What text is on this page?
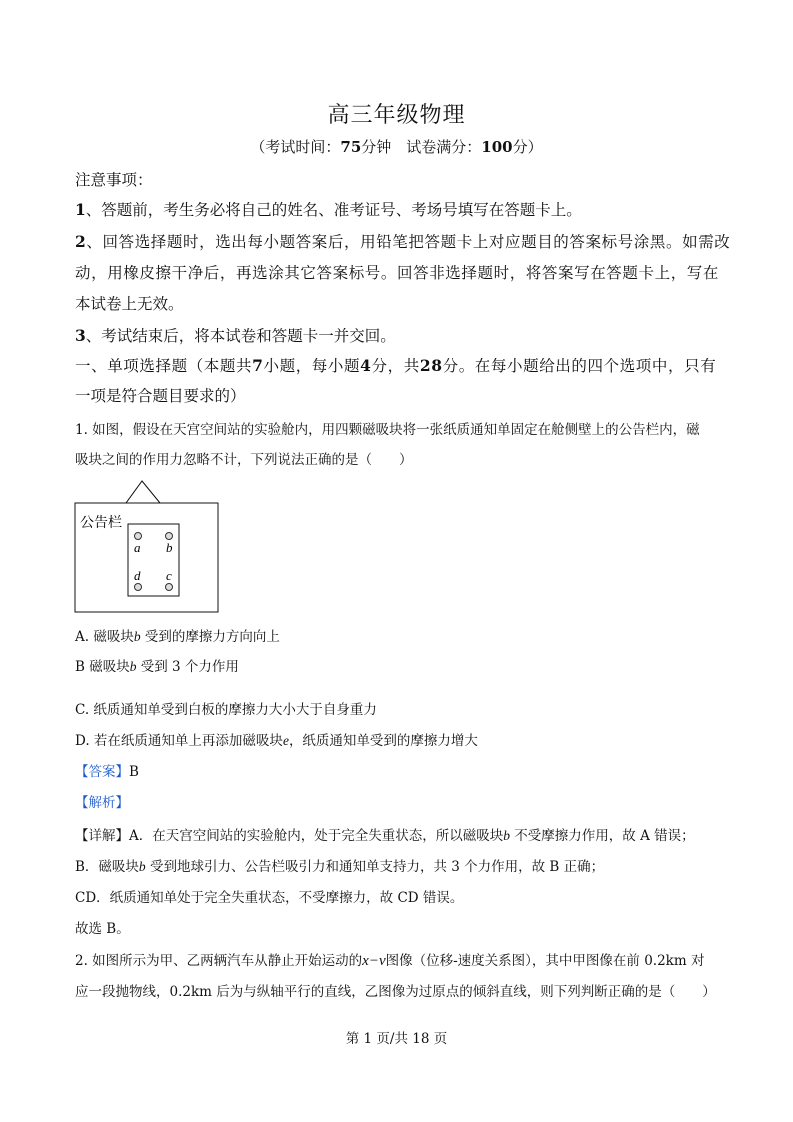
高三年级物理
（考试时间：75分钟　试卷满分：100分）
注意事项：
1、答题前，考生务必将自己的姓名、准考证号、考场号填写在答题卡上。
2、回答选择题时，选出每小题答案后，用铅笔把答题卡上对应题目的答案标号涂黑。如需改
动，用橡皮擦干净后，再选涂其它答案标号。回答非选择题时，将答案写在答题卡上，写在
本试卷上无效。
3、考试结束后，将本试卷和答题卡一并交回。
一、单项选择题（本题共7小题，每小题4分，共28分。在每小题给出的四个选项中，只有
一项是符合题目要求的）
1. 如图，假设在天宫空间站的实验舱内，用四颗磁吸块将一张纸质通知单固定在舱侧壁上的公告栏内，磁
吸块之间的作用力忽略不计，下列说法正确的是（　　）
公告栏
a b
d c
A. 磁吸块b 受到的摩擦力方向向上
B 磁吸块b 受到 3 个力作用
C. 纸质通知单受到白板的摩擦力大小大于自身重力
D. 若在纸质通知单上再添加磁吸块e，纸质通知单受到的摩擦力增大
【答案】B
【解析】
【详解】A．在天宫空间站的实验舱内，处于完全失重状态，所以磁吸块b 不受摩擦力作用，故 A 错误；
B．磁吸块b 受到地球引力、公告栏吸引力和通知单支持力，共 3 个力作用，故 B 正确；
CD．纸质通知单处于完全失重状态，不受摩擦力，故 CD 错误。
故选 B。
2. 如图所示为甲、乙两辆汽车从静止开始运动的x−v图像（位移-速度关系图），其中甲图像在前 0.2km 对
应一段抛物线，0.2km 后为与纵轴平行的直线，乙图像为过原点的倾斜直线，则下列判断正确的是（　　）
第 1 页/共 18 页
